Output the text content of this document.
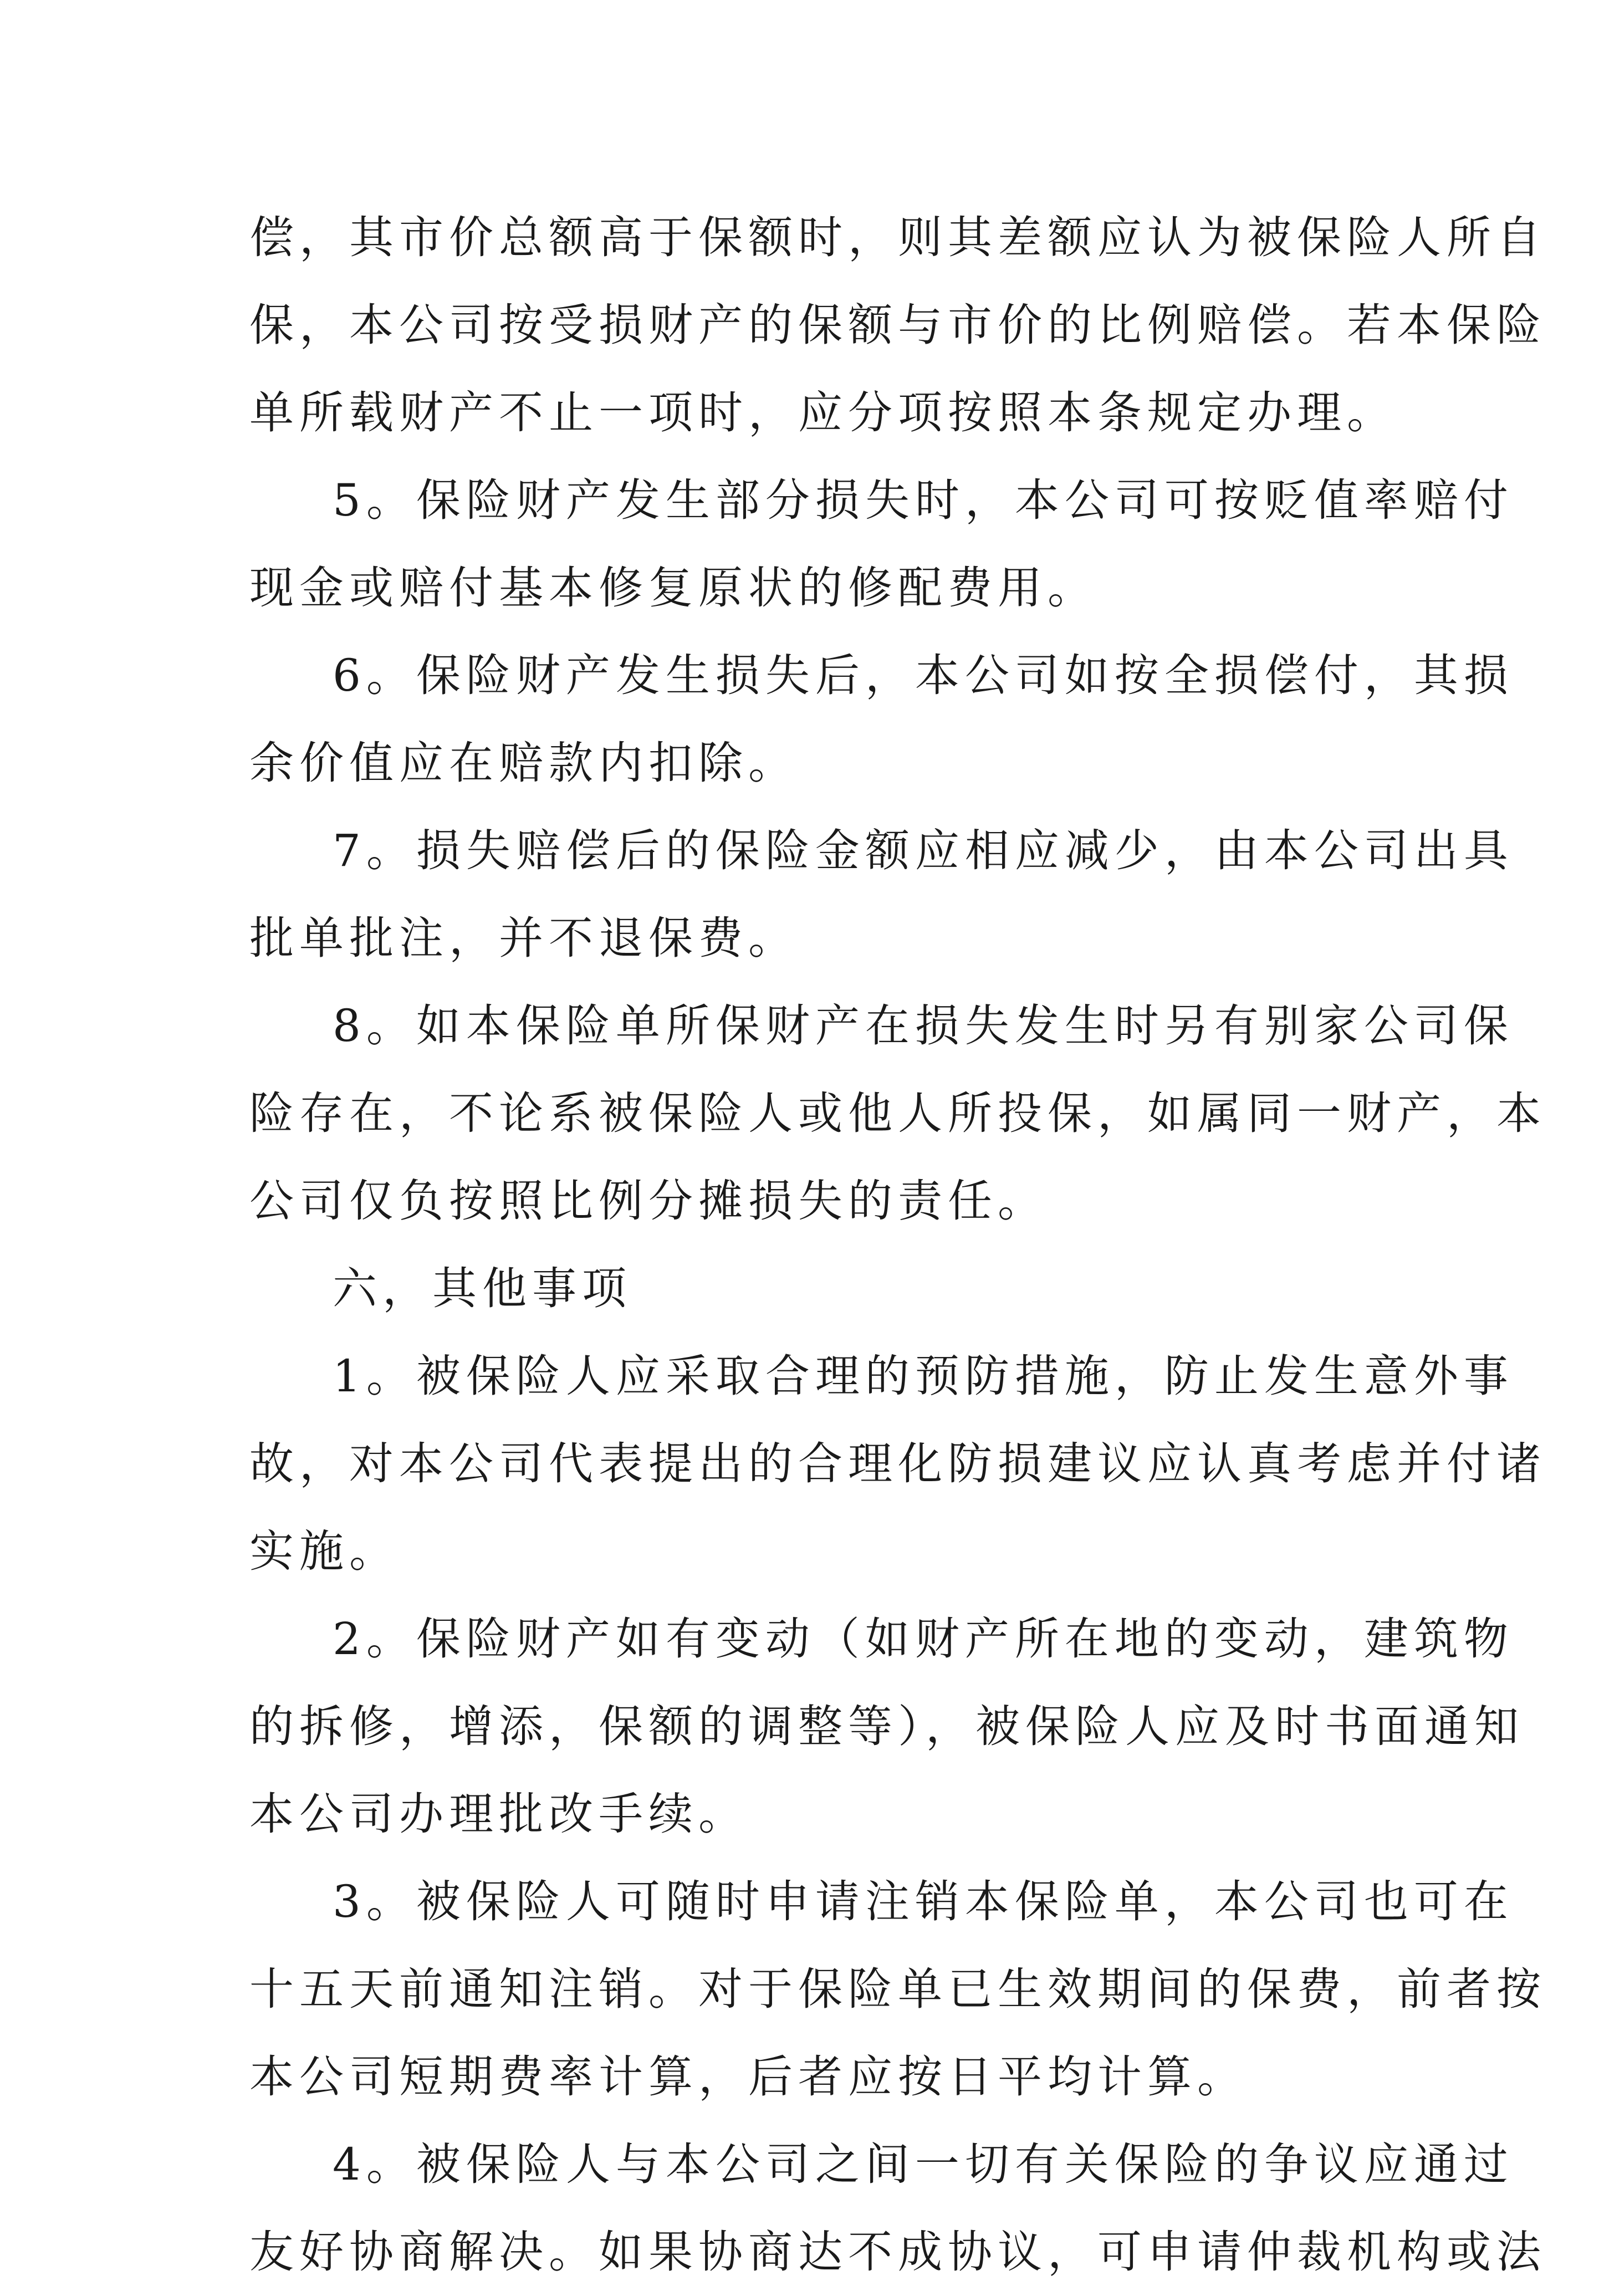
偿，其市价总额高于保额时，则其差额应认为被保险人所自

保，本公司按受损财产的保额与市价的比例赔偿。若本保险

单所载财产不止一项时，应分项按照本条规定办理。

5。保险财产发生部分损失时，本公司可按贬值率赔付

现金或赔付基本修复原状的修配费用。

6。保险财产发生损失后，本公司如按全损偿付，其损

余价值应在赔款内扣除。

7。损失赔偿后的保险金额应相应减少，由本公司出具

批单批注，并不退保费。

8。如本保险单所保财产在损失发生时另有别家公司保

险存在，不论系被保险人或他人所投保，如属同一财产，本

公司仅负按照比例分摊损失的责任。

六，其他事项

1。被保险人应采取合理的预防措施，防止发生意外事

故，对本公司代表提出的合理化防损建议应认真考虑并付诸

实施。

2。保险财产如有变动（如财产所在地的变动，建筑物

的拆修，增添，保额的调整等），被保险人应及时书面通知

本公司办理批改手续。

3。被保险人可随时申请注销本保险单，本公司也可在

十五天前通知注销。对于保险单已生效期间的保费，前者按

本公司短期费率计算，后者应按日平均计算。

4。被保险人与本公司之间一切有关保险的争议应通过

友好协商解决。如果协商达不成协议，可申请仲裁机构或法
